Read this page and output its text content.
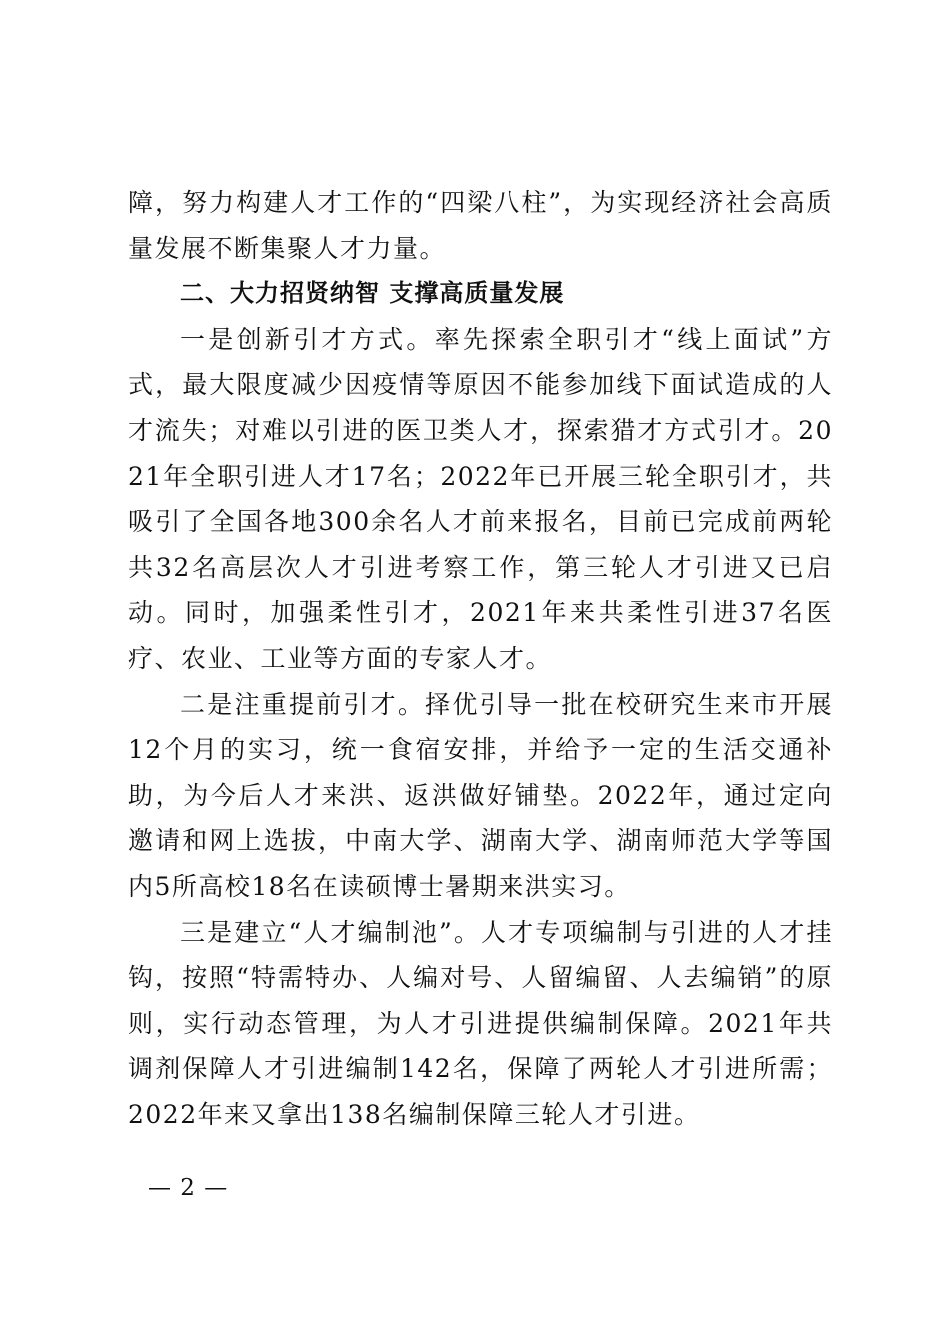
障，努力构建人才工作的“四梁八柱”，为实现经济社会高质量发展不断集聚人才力量。

二、大力招贤纳智 支撑高质量发展

一是创新引才方式。率先探索全职引才“线上面试”方式，最大限度减少因疫情等原因不能参加线下面试造成的人才流失；对难以引进的医卫类人才，探索猎才方式引才。2021年全职引进人才17名；2022年已开展三轮全职引才，共吸引了全国各地300余名人才前来报名，目前已完成前两轮共32名高层次人才引进考察工作，第三轮人才引进又已启动。同时，加强柔性引才，2021年来共柔性引进37名医疗、农业、工业等方面的专家人才。

二是注重提前引才。择优引导一批在校研究生来市开展12个月的实习，统一食宿安排，并给予一定的生活交通补助，为今后人才来洪、返洪做好铺垫。2022年，通过定向邀请和网上选拔，中南大学、湖南大学、湖南师范大学等国内5所高校18名在读硕博士暑期来洪实习。

三是建立“人才编制池”。人才专项编制与引进的人才挂钩，按照“特需特办、人编对号、人留编留、人去编销”的原则，实行动态管理，为人才引进提供编制保障。2021年共调剂保障人才引进编制142名，保障了两轮人才引进所需；2022年来又拿出138名编制保障三轮人才引进。

— 2 —
